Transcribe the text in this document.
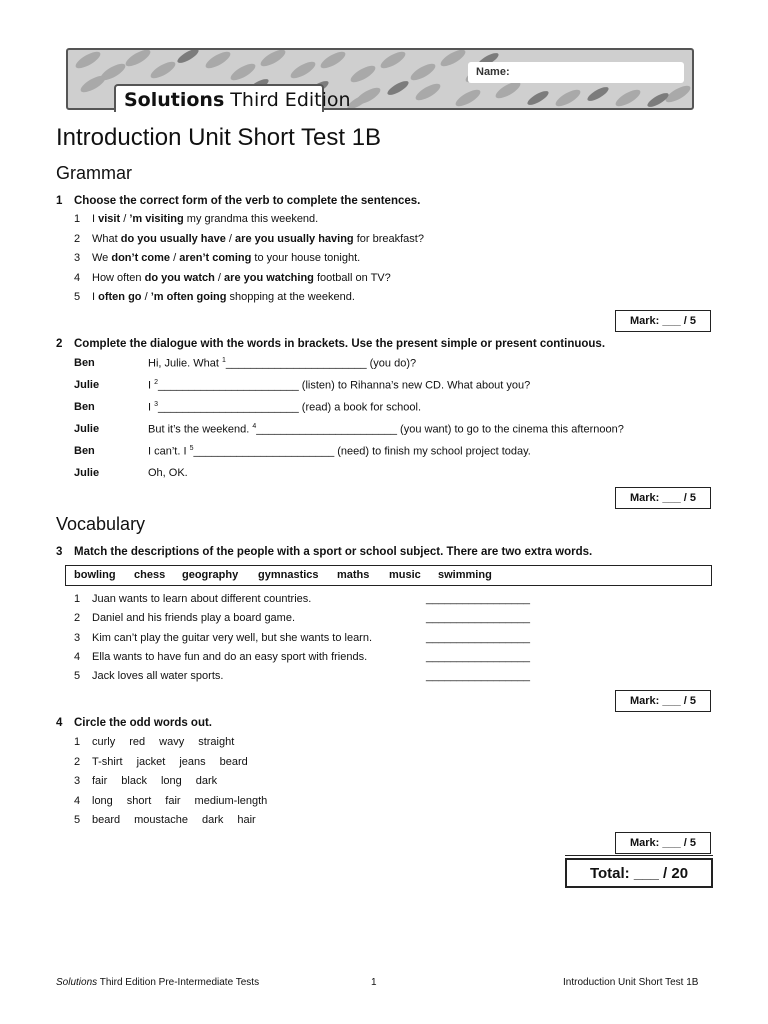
Name:
Solutions Third Edition
Introduction Unit Short Test 1B
Grammar
1 Choose the correct form of the verb to complete the sentences.
1 I visit / ’m visiting my grandma this weekend.
2 What do you usually have / are you usually having for breakfast?
3 We don’t come / aren’t coming to your house tonight.
4 How often do you watch / are you watching football on TV?
5 I often go / ’m often going shopping at the weekend.
Mark: ___ / 5
2 Complete the dialogue with the words in brackets. Use the present simple or present continuous.
Ben	Hi, Julie. What $^1$_______________________ (you do)?
Julie	I $^2$_______________________ (listen) to Rihanna’s new CD. What about you?
Ben	I $^3$_______________________ (read) a book for school.
Julie	But it’s the weekend. $^4$_______________________ (you want) to go to the cinema this afternoon?
Ben	I can’t. I $^5$_______________________ (need) to finish my school project today.
Julie	Oh, OK.
Mark: ___ / 5
Vocabulary
3 Match the descriptions of the people with a sport or school subject. There are two extra words.
bowling chess geography gymnastics maths music swimming
1 Juan wants to learn about different countries.	_________________
2 Daniel and his friends play a board game.	_________________
3 Kim can’t play the guitar very well, but she wants to learn.	_________________
4 Ella wants to have fun and do an easy sport with friends.	_________________
5 Jack loves all water sports.	_________________
Mark: ___ / 5
4 Circle the odd words out.
1 curly red wavy straight
2 T-shirt jacket jeans beard
3 fair black long dark
4 long short fair medium-length
5 beard moustache dark hair
Mark: ___ / 5
Total: ___ / 20
Solutions Third Edition Pre-Intermediate Tests	1	Introduction Unit Short Test 1B
